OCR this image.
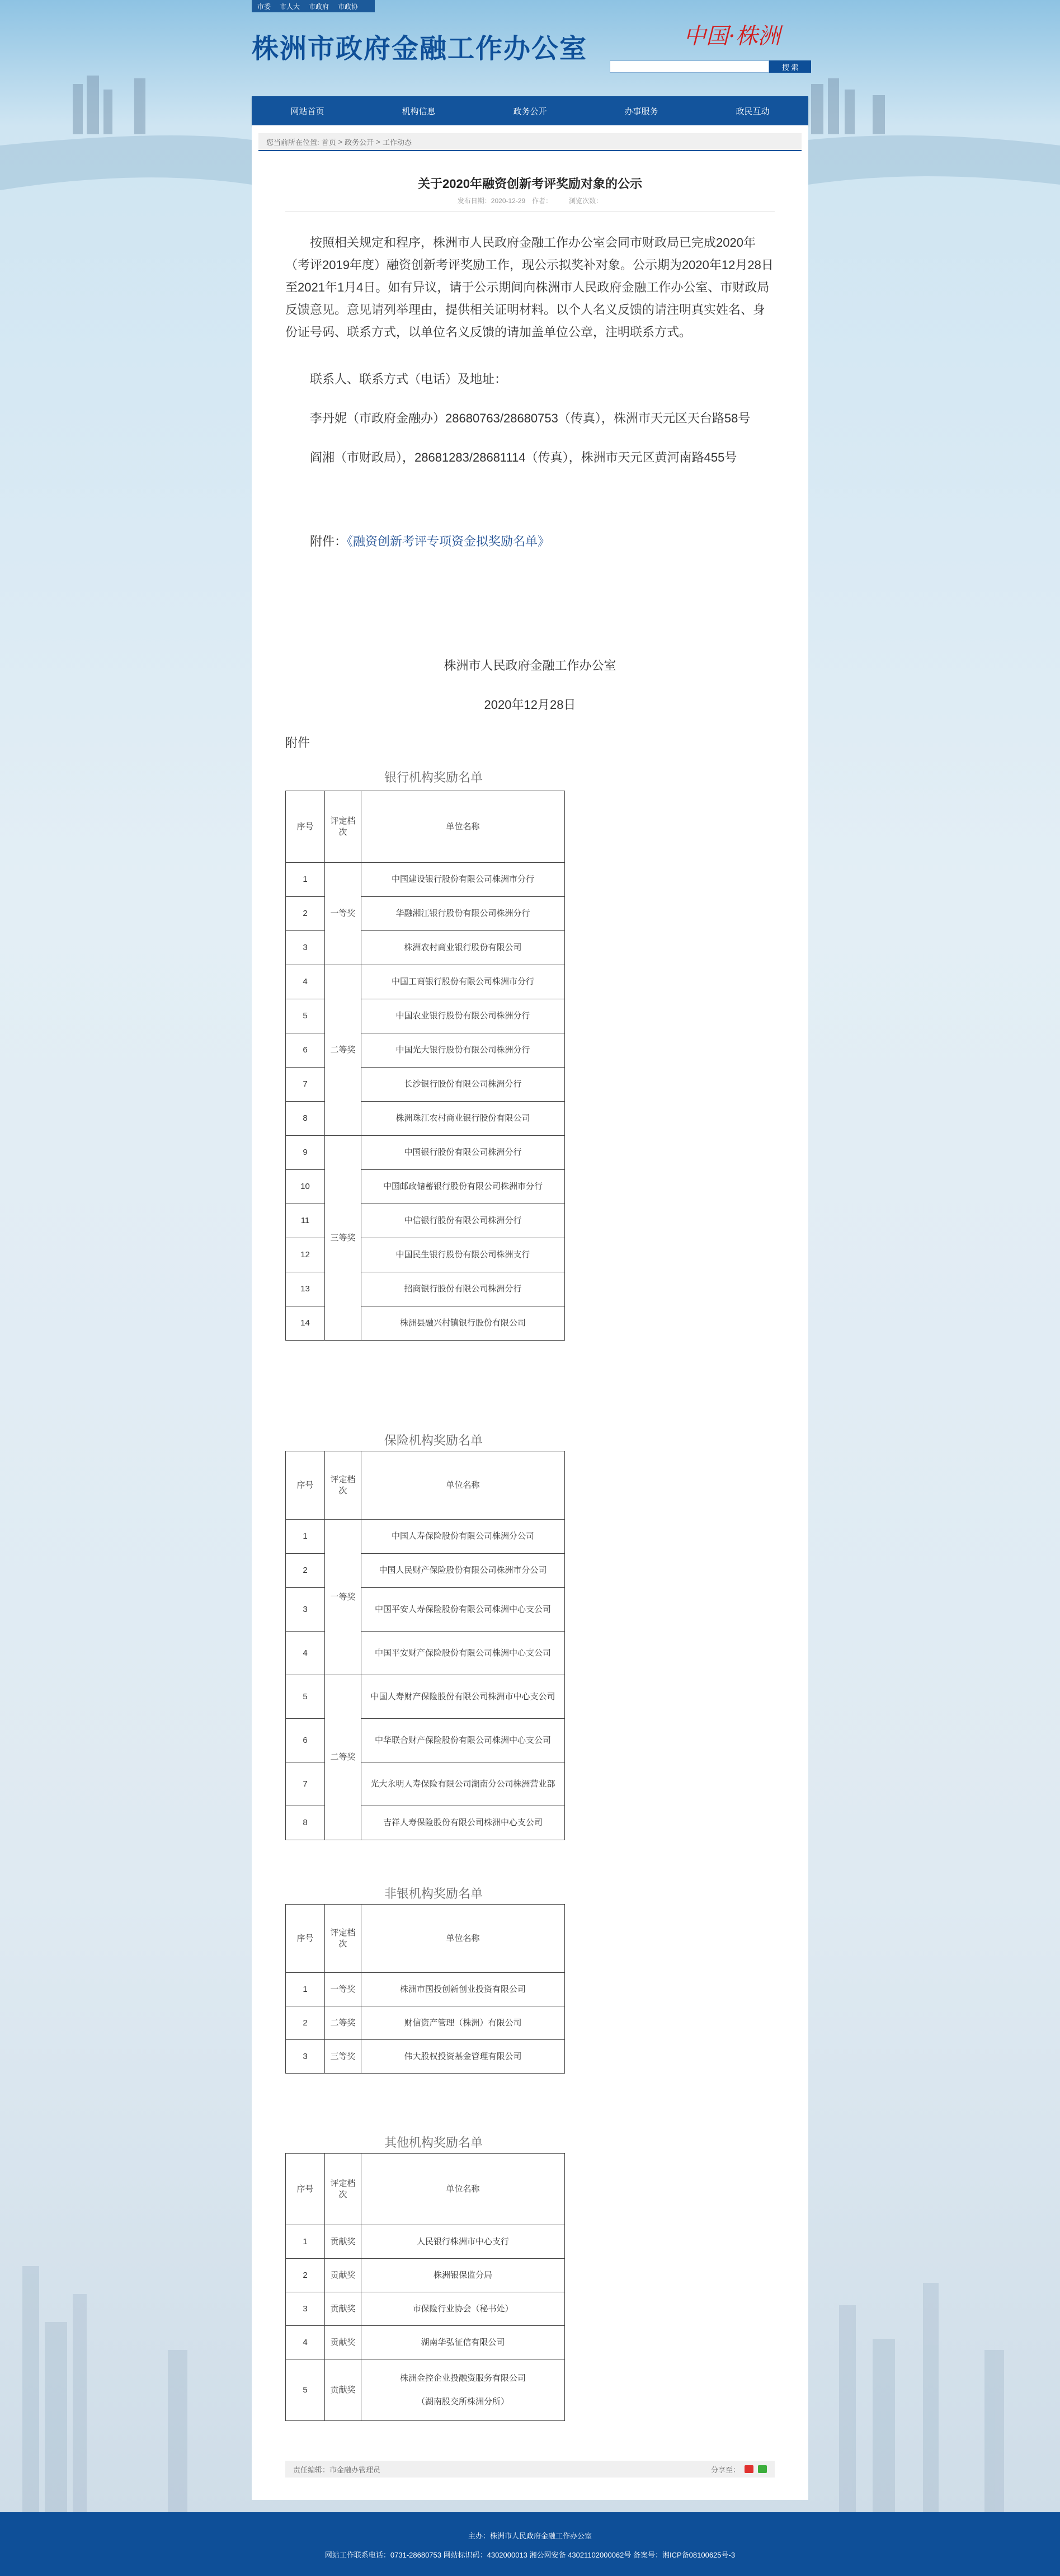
市委 市人大 市政府 市政协
株洲市政府金融工作办公室	中国·株洲
搜 索
网站首页	机构信息	政务公开	办事服务	政民互动
您当前所在位置: 首页 > 政务公开 > 工作动态
关于2020年融资创新考评奖励对象的公示
发布日期：2020-12-29　作者：　　　浏览次数：

按照相关规定和程序，株洲市人民政府金融工作办公室会同市财政局已完成2020年（考评2019年度）融资创新考评奖励工作，现公示拟奖补对象。公示期为2020年12月28日至2021年1月4日。如有异议，请于公示期间向株洲市人民政府金融工作办公室、市财政局反馈意见。意见请列举理由，提供相关证明材料。以个人名义反馈的请注明真实姓名、身份证号码、联系方式，以单位名义反馈的请加盖单位公章，注明联系方式。

联系人、联系方式（电话）及地址：

李丹妮（市政府金融办）28680763/28680753（传真），株洲市天元区天台路58号

阎湘（市财政局），28681283/28681114（传真），株洲市天元区黄河南路455号

附件：《融资创新考评专项资金拟奖励名单》

株洲市人民政府金融工作办公室
2020年12月28日

附件

银行机构奖励名单
序号	评定档次	单位名称
1	一等奖	中国建设银行股份有限公司株洲市分行
2		华融湘江银行股份有限公司株洲分行
3		株洲农村商业银行股份有限公司
4	二等奖	中国工商银行股份有限公司株洲市分行
5		中国农业银行股份有限公司株洲分行
6		中国光大银行股份有限公司株洲分行
7		长沙银行股份有限公司株洲分行
8		株洲珠江农村商业银行股份有限公司
9	三等奖	中国银行股份有限公司株洲分行
10		中国邮政储蓄银行股份有限公司株洲市分行
11		中信银行股份有限公司株洲分行
12		中国民生银行股份有限公司株洲支行
13		招商银行股份有限公司株洲分行
14		株洲县融兴村镇银行股份有限公司
保险机构奖励名单
序号	评定档次	单位名称
1	一等奖	中国人寿保险股份有限公司株洲分公司
2		中国人民财产保险股份有限公司株洲市分公司
3		中国平安人寿保险股份有限公司株洲中心支公司
4		中国平安财产保险股份有限公司株洲中心支公司
5	二等奖	中国人寿财产保险股份有限公司株洲市中心支公司
6		中华联合财产保险股份有限公司株洲中心支公司
7		光大永明人寿保险有限公司湖南分公司株洲营业部
8		吉祥人寿保险股份有限公司株洲中心支公司
非银机构奖励名单
序号	评定档次	单位名称
1	一等奖	株洲市国投创新创业投资有限公司
2	二等奖	财信资产管理（株洲）有限公司
3	三等奖	伟大股权投资基金管理有限公司
其他机构奖励名单
序号	评定档次	单位名称
1	贡献奖	人民银行株洲市中心支行
2	贡献奖	株洲银保监分局
3	贡献奖	市保险行业协会（秘书处）
4	贡献奖	湖南华弘征信有限公司
5	贡献奖	株洲金控企业投融资服务有限公司
（湖南股交所株洲分所）
责任编辑：市金融办管理员	分享至：
主办：株洲市人民政府金融工作办公室
网站工作联系电话：0731-28680753 网站标识码：4302000013 湘公网安备 43021102000062号 备案号：湘ICP备08100625号-3
